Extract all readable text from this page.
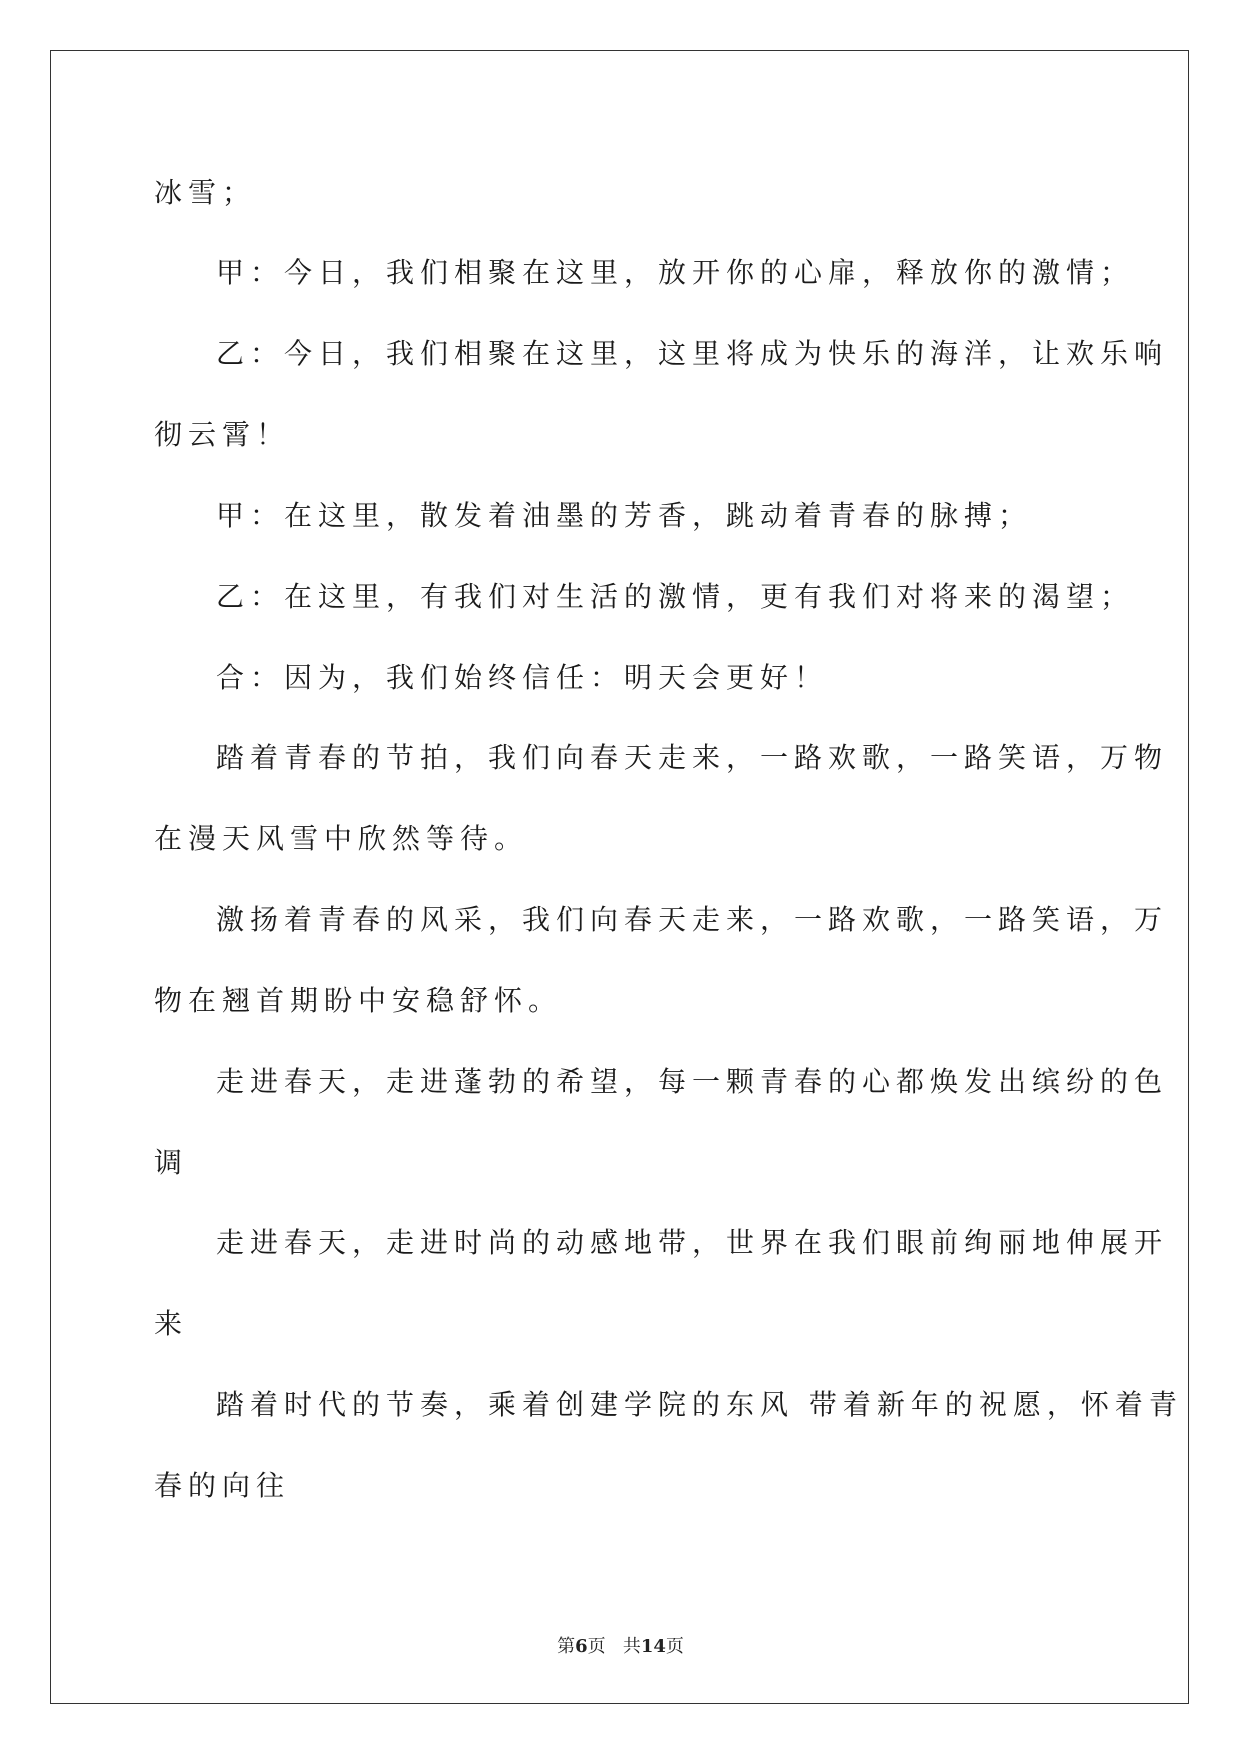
冰雪；
甲：今日，我们相聚在这里，放开你的心扉，释放你的激情；
乙：今日，我们相聚在这里，这里将成为快乐的海洋，让欢乐响
彻云霄！
甲：在这里，散发着油墨的芳香，跳动着青春的脉搏；
乙：在这里，有我们对生活的激情，更有我们对将来的渴望；
合：因为，我们始终信任：明天会更好！
踏着青春的节拍，我们向春天走来，一路欢歌，一路笑语，万物
在漫天风雪中欣然等待。
激扬着青春的风采，我们向春天走来，一路欢歌，一路笑语，万
物在翘首期盼中安稳舒怀。
走进春天，走进蓬勃的希望，每一颗青春的心都焕发出缤纷的色
调
走进春天，走进时尚的动感地带，世界在我们眼前绚丽地伸展开
来
踏着时代的节奏，乘着创建学院的东风 带着新年的祝愿，怀着青
春的向往
第6页 共14页
